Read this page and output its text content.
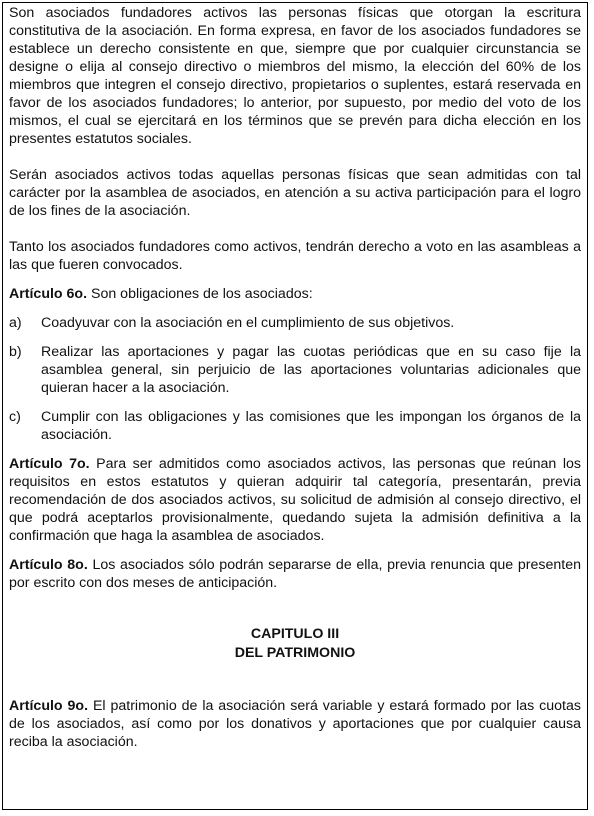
Son asociados fundadores activos las personas físicas que otorgan la escritura constitutiva de la asociación. En forma expresa, en favor de los asociados fundadores se establece un derecho consistente en que, siempre que por cualquier circunstancia se designe o elija al consejo directivo o miembros del mismo, la elección del 60% de los miembros que integren el consejo directivo, propietarios o suplentes, estará reservada en favor de los asociados fundadores; lo anterior, por supuesto, por medio del voto de los mismos, el cual se ejercitará en los términos que se prevén para dicha elección en los presentes estatutos sociales.

Serán asociados activos todas aquellas personas físicas que sean admitidas con tal carácter por la asamblea de asociados, en atención a su activa participación para el logro de los fines de la asociación.

Tanto los asociados fundadores como activos, tendrán derecho a voto en las asambleas a las que fueren convocados.

Artículo 6o. Son obligaciones de los asociados:

a)	Coadyuvar con la asociación en el cumplimiento de sus objetivos.
b)	Realizar las aportaciones y pagar las cuotas periódicas que en su caso fije la asamblea general, sin perjuicio de las aportaciones voluntarias adicionales que quieran hacer a la asociación.
c)	Cumplir con las obligaciones y las comisiones que les impongan los órganos de la asociación.

Artículo 7o. Para ser admitidos como asociados activos, las personas que reúnan los requisitos en estos estatutos y quieran adquirir tal categoría, presentarán, previa recomendación de dos asociados activos, su solicitud de admisión al consejo directivo, el que podrá aceptarlos provisionalmente, quedando sujeta la admisión definitiva a la confirmación que haga la asamblea de asociados.

Artículo 8o. Los asociados sólo podrán separarse de ella, previa renuncia que presenten por escrito con dos meses de anticipación.

CAPITULO III
DEL PATRIMONIO

Artículo 9o. El patrimonio de la asociación será variable y estará formado por las cuotas de los asociados, así como por los donativos y aportaciones que por cualquier causa reciba la asociación.
